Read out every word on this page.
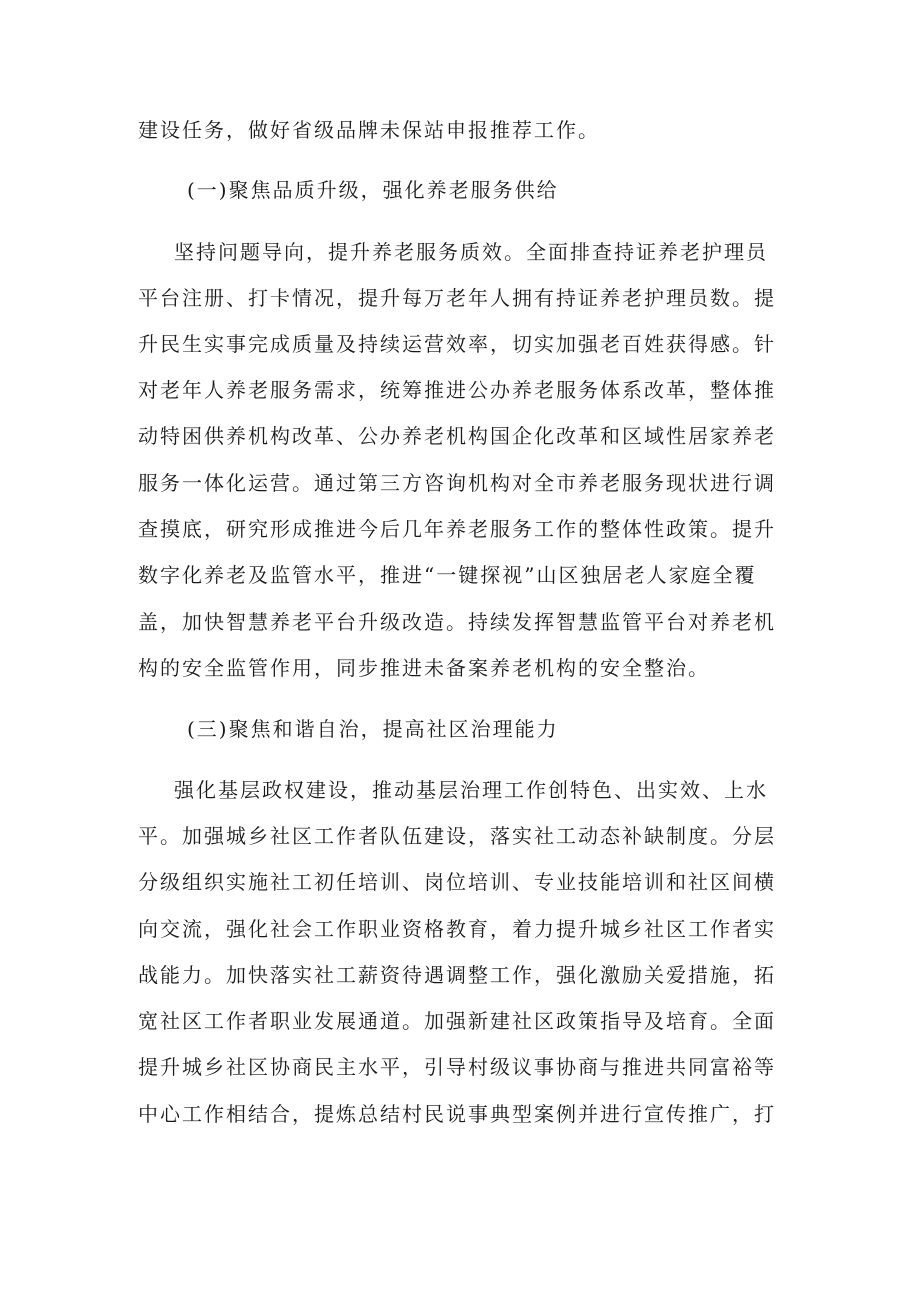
建设任务，做好省级品牌未保站申报推荐工作。
(一)聚焦品质升级，强化养老服务供给
坚持问题导向，提升养老服务质效。全面排查持证养老护理员
平台注册、打卡情况，提升每万老年人拥有持证养老护理员数。提
升民生实事完成质量及持续运营效率，切实加强老百姓获得感。针
对老年人养老服务需求，统筹推进公办养老服务体系改革，整体推
动特困供养机构改革、公办养老机构国企化改革和区域性居家养老
服务一体化运营。通过第三方咨询机构对全市养老服务现状进行调
查摸底，研究形成推进今后几年养老服务工作的整体性政策。提升
数字化养老及监管水平，推进“一键探视”山区独居老人家庭全覆
盖，加快智慧养老平台升级改造。持续发挥智慧监管平台对养老机
构的安全监管作用，同步推进未备案养老机构的安全整治。
(三)聚焦和谐自治，提高社区治理能力
强化基层政权建设，推动基层治理工作创特色、出实效、上水
平。加强城乡社区工作者队伍建设，落实社工动态补缺制度。分层
分级组织实施社工初任培训、岗位培训、专业技能培训和社区间横
向交流，强化社会工作职业资格教育，着力提升城乡社区工作者实
战能力。加快落实社工薪资待遇调整工作，强化激励关爱措施，拓
宽社区工作者职业发展通道。加强新建社区政策指导及培育。全面
提升城乡社区协商民主水平，引导村级议事协商与推进共同富裕等
中心工作相结合，提炼总结村民说事典型案例并进行宣传推广，打
